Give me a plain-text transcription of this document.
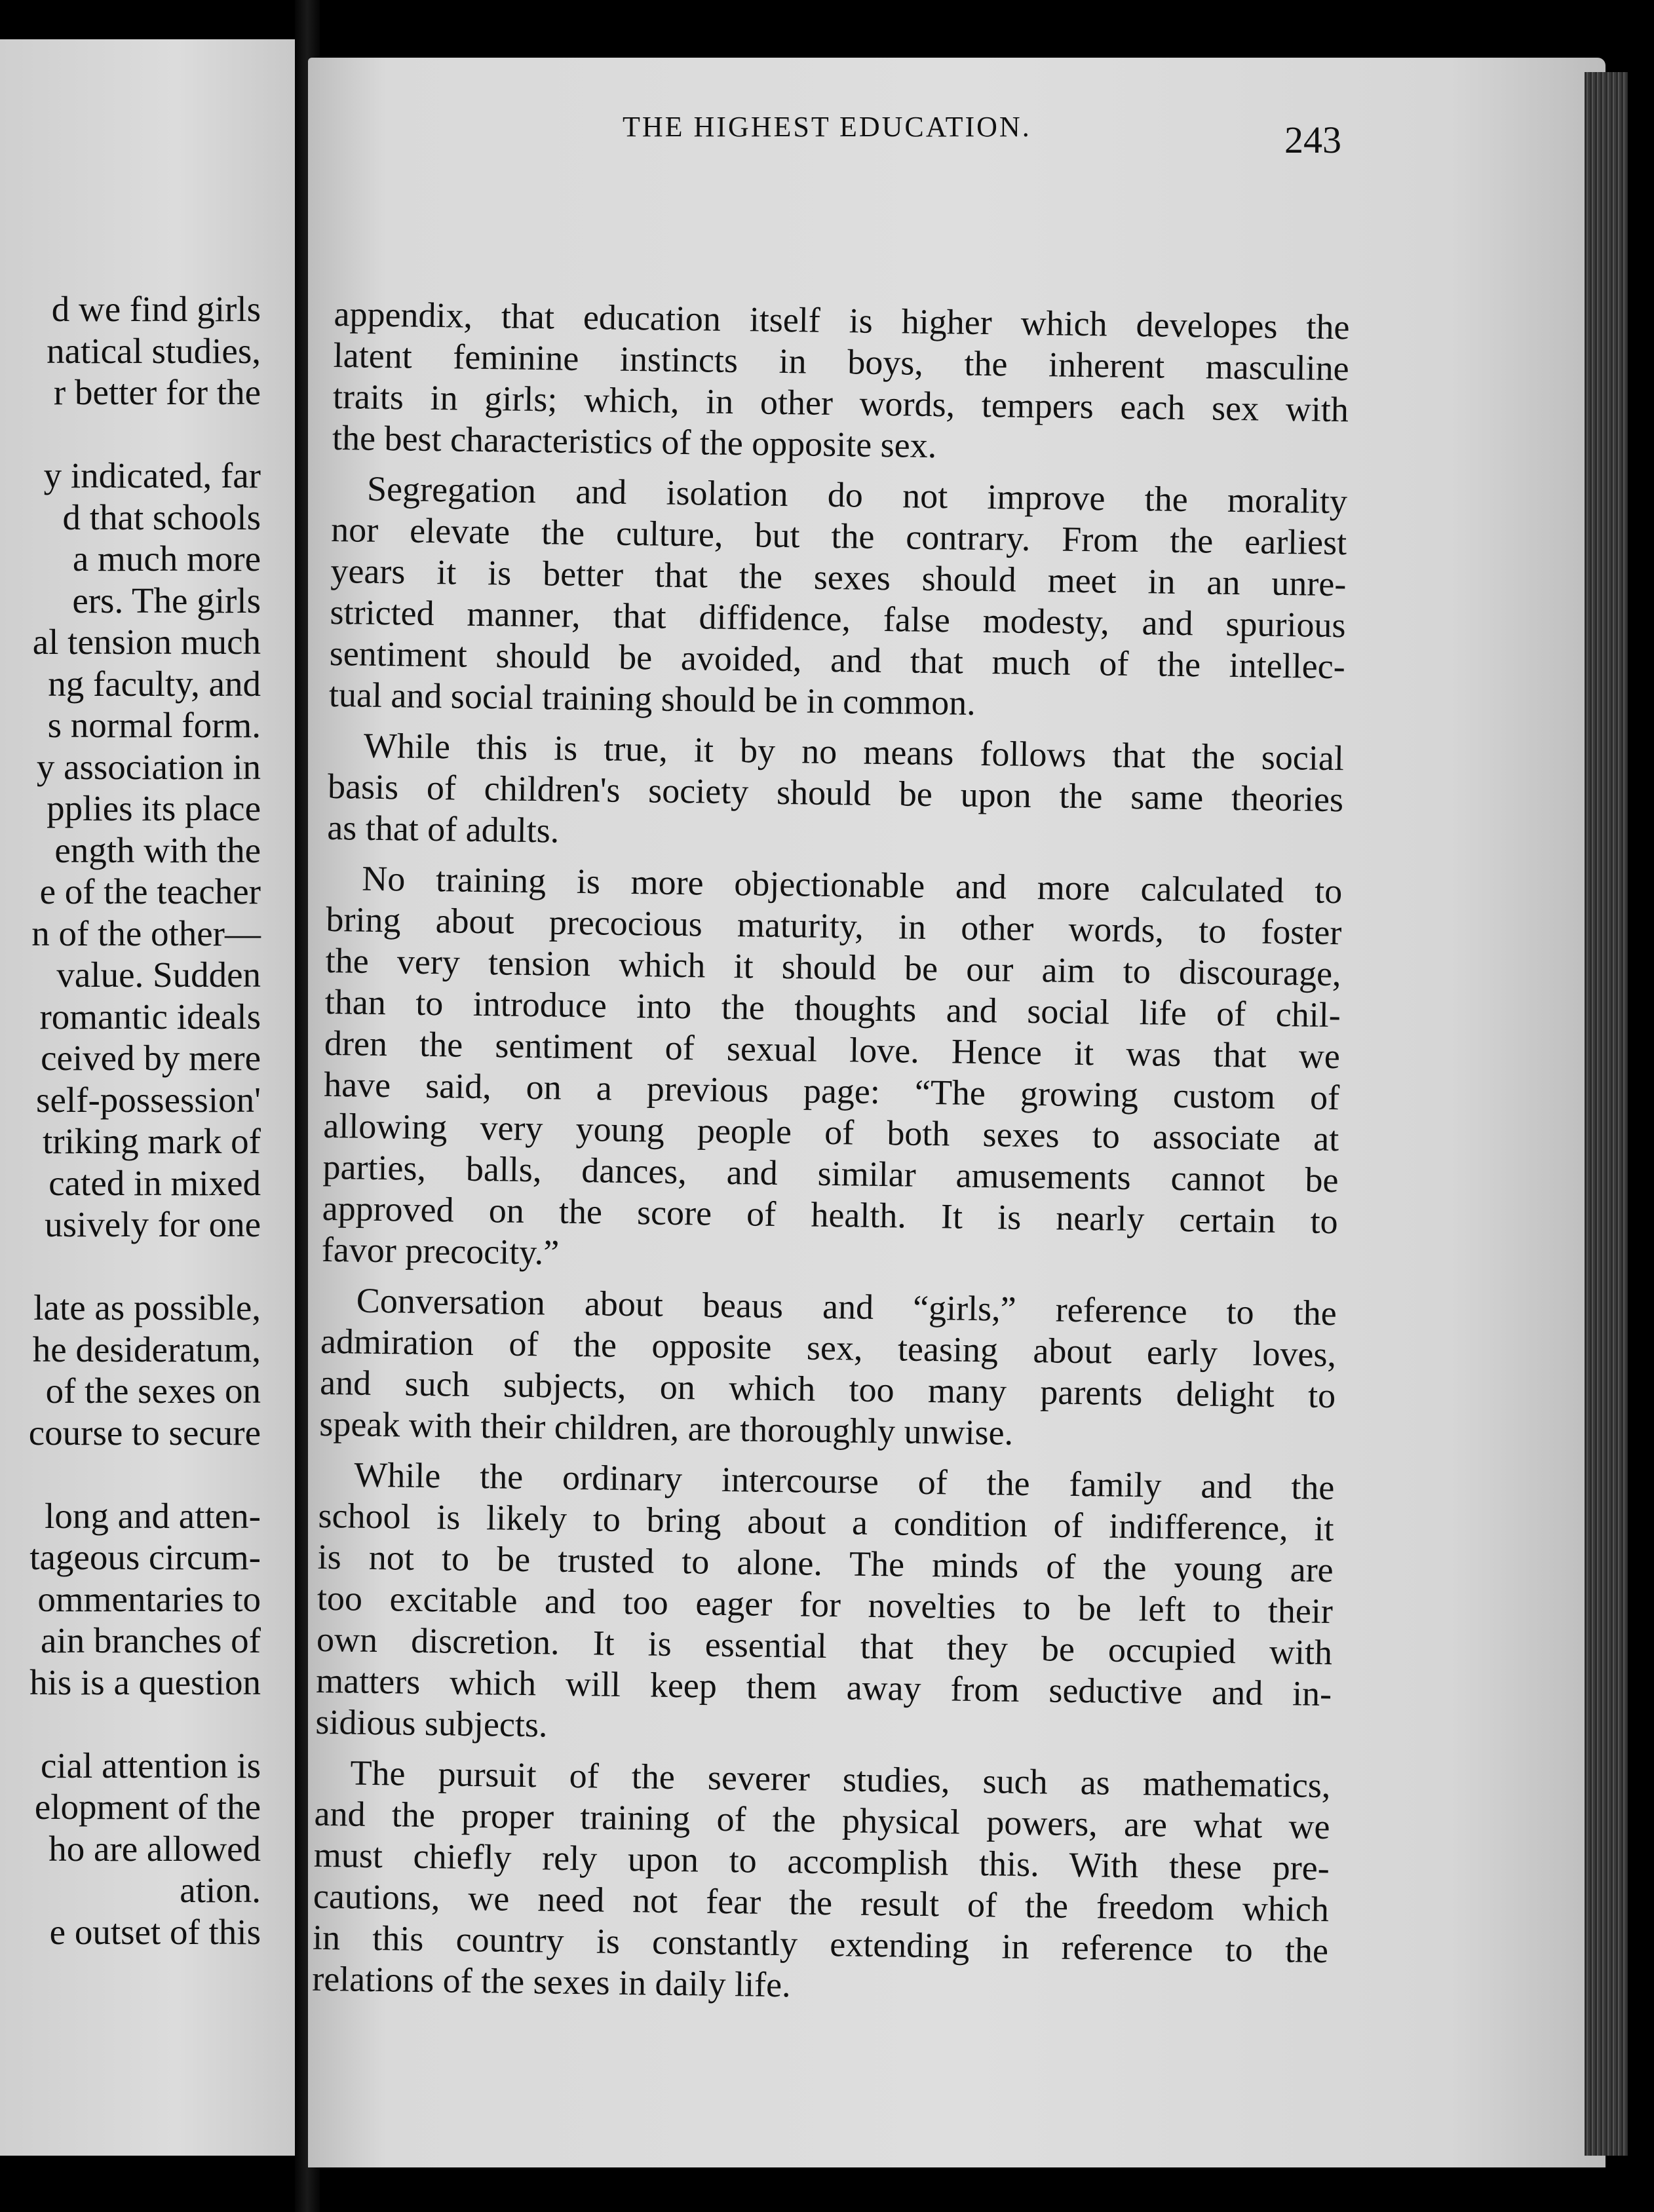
d we find girls
natical studies,
r better for the
y indicated, far
d that schools
a much more
ers. The girls
al tension much
ng faculty, and
s normal form.
y association in
pplies its place
ength with the
e of the teacher
n of the other—
value. Sudden
romantic ideals
ceived by mere
self-possession'
triking mark of
cated in mixed
usively for one
late as possible,
he desideratum,
of the sexes on
course to secure
long and atten-
tageous circum-
ommentaries to
ain branches of
his is a question
cial attention is
elopment of the
ho are allowed
ation.
e outset of this
THE HIGHEST EDUCATION.	243
appendix, that education itself is higher which developes the
latent feminine instincts in boys, the inherent masculine
traits in girls; which, in other words, tempers each sex with
the best characteristics of the opposite sex.
Segregation and isolation do not improve the morality
nor elevate the culture, but the contrary. From the earliest
years it is better that the sexes should meet in an unre-
stricted manner, that diffidence, false modesty, and spurious
sentiment should be avoided, and that much of the intellec-
tual and social training should be in common.
While this is true, it by no means follows that the social
basis of children's society should be upon the same theories
as that of adults.
No training is more objectionable and more calculated to
bring about precocious maturity, in other words, to foster
the very tension which it should be our aim to discourage,
than to introduce into the thoughts and social life of chil-
dren the sentiment of sexual love. Hence it was that we
have said, on a previous page: “The growing custom of
allowing very young people of both sexes to associate at
parties, balls, dances, and similar amusements cannot be
approved on the score of health. It is nearly certain to
favor precocity.”
Conversation about beaus and “girls,” reference to the
admiration of the opposite sex, teasing about early loves,
and such subjects, on which too many parents delight to
speak with their children, are thoroughly unwise.
While the ordinary intercourse of the family and the
school is likely to bring about a condition of indifference, it
is not to be trusted to alone. The minds of the young are
too excitable and too eager for novelties to be left to their
own discretion. It is essential that they be occupied with
matters which will keep them away from seductive and in-
sidious subjects.
The pursuit of the severer studies, such as mathematics,
and the proper training of the physical powers, are what we
must chiefly rely upon to accomplish this. With these pre-
cautions, we need not fear the result of the freedom which
in this country is constantly extending in reference to the
relations of the sexes in daily life.
